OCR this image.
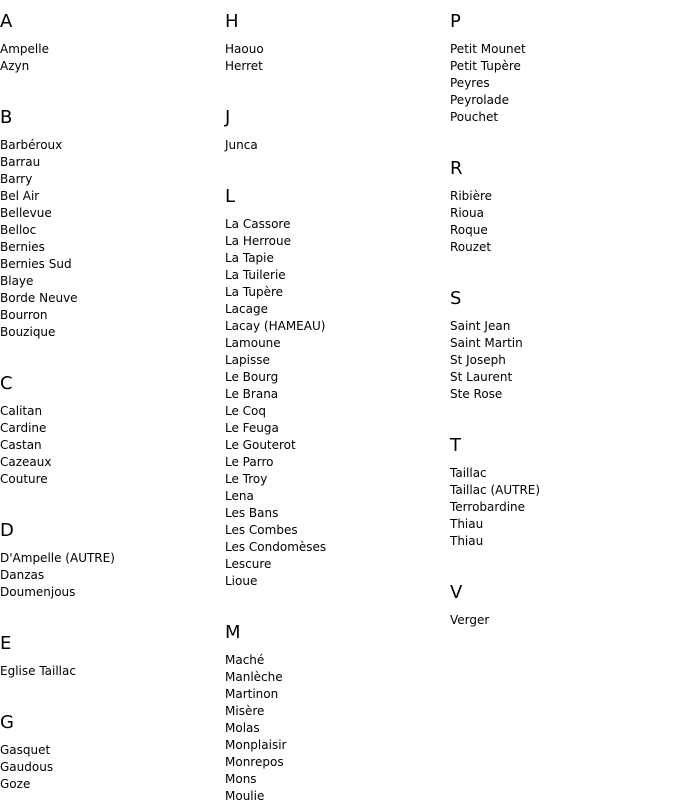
A
Ampelle
Azyn
B
Barbéroux
Barrau
Barry
Bel Air
Bellevue
Belloc
Bernies
Bernies Sud
Blaye
Borde Neuve
Bourron
Bouzique
C
Calitan
Cardine
Castan
Cazeaux
Couture
D
D'Ampelle (AUTRE)
Danzas
Doumenjous
E
Eglise Taillac
G
Gasquet
Gaudous
Goze
H
Haouo
Herret
J
Junca
L
La Cassore
La Herroue
La Tapie
La Tuilerie
La Tupère
Lacage
Lacay (HAMEAU)
Lamoune
Lapisse
Le Bourg
Le Brana
Le Coq
Le Feuga
Le Gouterot
Le Parro
Le Troy
Lena
Les Bans
Les Combes
Les Condomèses
Lescure
Lioue
M
Maché
Manlèche
Martinon
Misère
Molas
Monplaisir
Monrepos
Mons
Moulie
P
Petit Mounet
Petit Tupère
Peyres
Peyrolade
Pouchet
R
Ribière
Rioua
Roque
Rouzet
S
Saint Jean
Saint Martin
St Joseph
St Laurent
Ste Rose
T
Taillac
Taillac (AUTRE)
Terrobardine
Thiau
Thiau
V
Verger
